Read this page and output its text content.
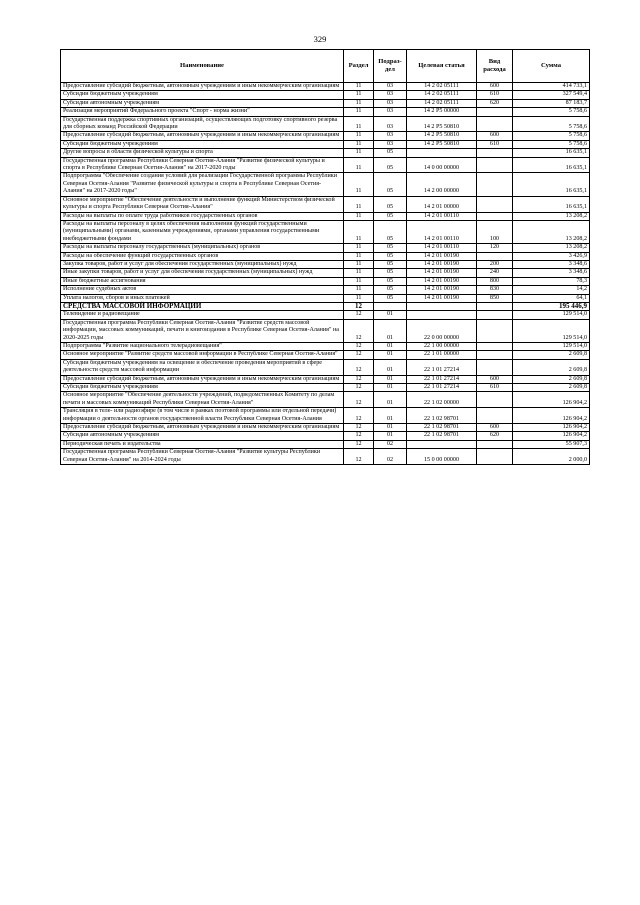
329
Наименование	Раздел	Подраз-дел	Целевая статья	Вид расхода	Сумма
Предоставление субсидий бюджетным, автономным учреждениям и иным некоммерческим организациям	11	03	14 2 02 05111	600	414 733,1
Субсидии бюджетным учреждениям	11	03	14 2 02 05111	610	327 549,4
Субсидии автономным учреждениям	11	03	14 2 02 05111	620	87 183,7
Реализация мероприятий Федерального проекта "Спорт - норма жизни"	11	03	14 2 P5 00000		5 758,6
Государственная поддержка спортивных организаций, осуществляющих подготовку спортивного резерва для сборных команд Российской Федерации	11	03	14 2 P5 50810		5 758,6
Предоставление субсидий бюджетным, автономным учреждениям и иным некоммерческим организациям	11	03	14 2 P5 50810	600	5 758,6
Субсидии бюджетным учреждениям	11	03	14 2 P5 50810	610	5 758,6
Другие вопросы в области физической культуры и спорта	11	05			16 635,1
Государственная программа Республики Северная Осетия-Алания "Развитие физической культуры и спорта в Республике Северная Осетия-Алания" на 2017-2020 годы	11	05	14 0 00 00000		16 635,1
Подпрограмма "Обеспечение создания условий для реализации Государственной программы Республики Северная Осетия-Алания "Развитие физической культуры и спорта в Республике Северная Осетия-Алания" на 2017-2020 годы"	11	05	14 2 00 00000		16 635,1
Основное мероприятие "Обеспечение деятельности и выполнение функций Министерством физической культуры и спорта Республики Северная Осетия-Алания"	11	05	14 2 01 00000		16 635,1
Расходы на выплаты по оплате труда работников государственных органов	11	05	14 2 01 00110		13 208,2
Расходы на выплаты персоналу в целях обеспечения выполнения функций государственными (муниципальными) органами, казенными учреждениями, органами управления государственными внебюджетными фондами	11	05	14 2 01 00110	100	13 208,2
Расходы на выплаты персоналу государственных (муниципальных) органов	11	05	14 2 01 00110	120	13 208,2
Расходы на обеспечение функций государственных органов	11	05	14 2 01 00190		3 426,9
Закупка товаров, работ и услуг для обеспечения государственных (муниципальных) нужд	11	05	14 2 01 00190	200	3 348,6
Иные закупки товаров, работ и услуг для обеспечения государственных (муниципальных) нужд	11	05	14 2 01 00190	240	3 348,6
Иные бюджетные ассигнования	11	05	14 2 01 00190	800	78,3
Исполнение судебных актов	11	05	14 2 01 00190	830	14,2
Уплата налогов, сборов и иных платежей	11	05	14 2 01 00190	850	64,1
СРЕДСТВА МАССОВОЙ ИНФОРМАЦИИ	12				195 446,9
Телевидение и радиовещание	12	01			129 514,0
Государственная программа Республики Северная Осетия-Алания "Развитие средств массовой информации, массовых коммуникаций, печати и книгоиздания в Республике Северная Осетия-Алания" на 2020-2025 годы	12	01	22 0 00 00000		129 514,0
Подпрограмма "Развитие национального телерадиовещания"	12	01	22 1 00 00000		129 514,0
Основное мероприятие "Развитие средств массовой информации в Республике Северная Осетия-Алания"	12	01	22 1 01 00000		2 609,8
Субсидии бюджетным учреждениям на освещение и обеспечение проведения мероприятий в сфере деятельности средств массовой информации	12	01	22 1 01 27214		2 609,8
Предоставление субсидий бюджетным, автономным учреждениям и иным некоммерческим организациям	12	01	22 1 01 27214	600	2 609,8
Субсидии бюджетным учреждениям	12	01	22 1 01 27214	610	2 609,8
Основное мероприятие "Обеспечение деятельности учреждений, подведомственных Комитету по делам печати и массовых коммуникаций Республики Северная Осетия-Алания"	12	01	22 1 02 00000		126 904,2
Трансляция в теле- или радиоэфире (в том числе в рамках поэтовой программы или отдельной передачи) информации о деятельности органов государственной власти Республики Северная Осетия-Алания	12	01	22 1 02 98701		126 904,2
Предоставление субсидий бюджетным, автономным учреждениям и иным некоммерческим организациям	12	01	22 1 02 98701	600	126 904,2
Субсидии автономным учреждениям	12	01	22 1 02 98701	620	126 904,2
Периодическая печать и издательства	12	02			55 907,3
Государственная программа Республики Северная Осетия-Алания "Развитие культуры Республики Северная Осетия-Алания" на 2014-2024 годы	12	02	15 0 00 00000		2 000,0
